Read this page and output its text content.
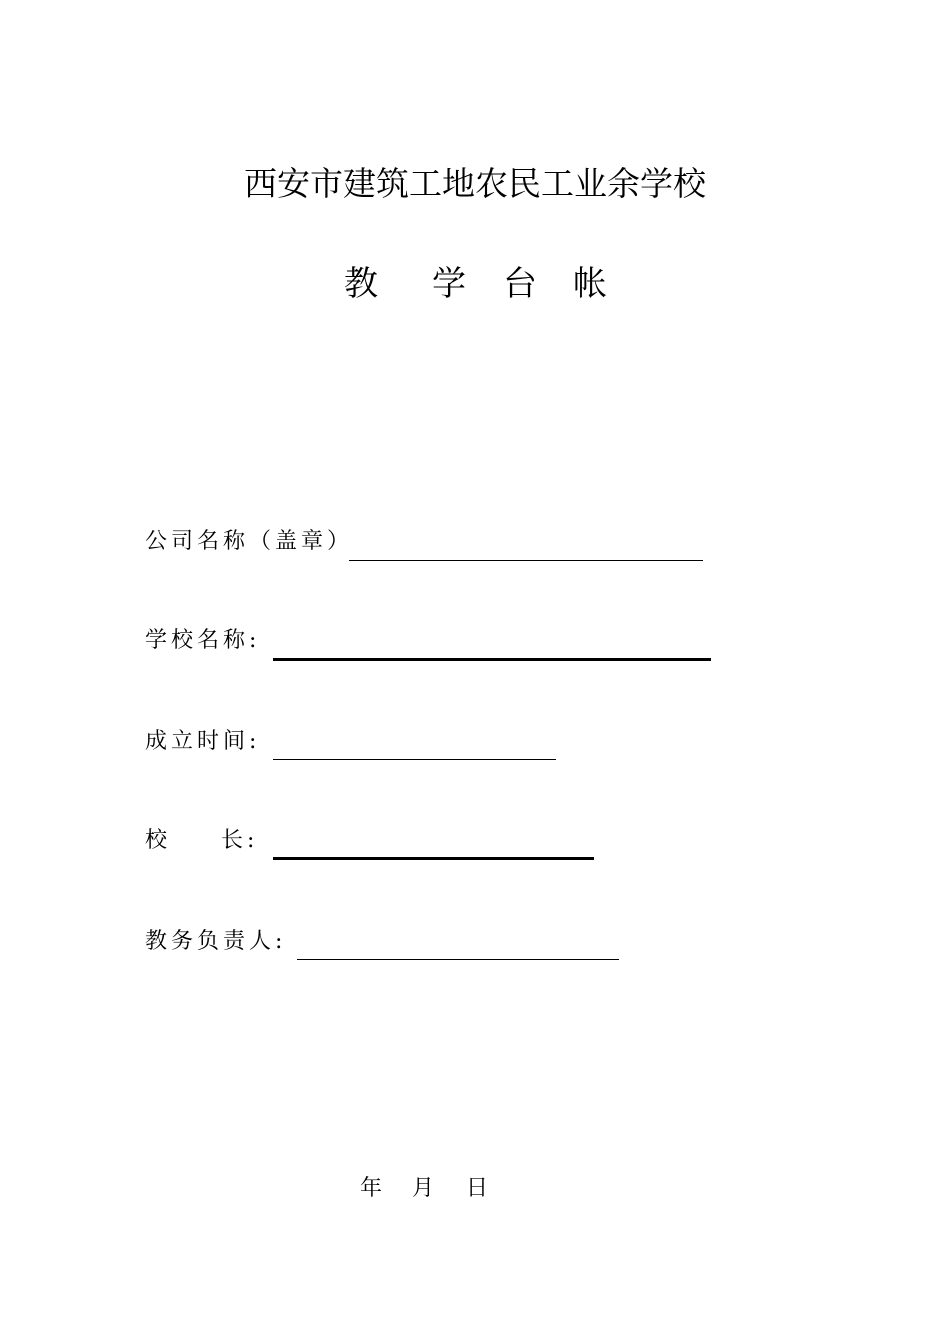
西安市建筑工地农民工业余学校
教 学 台 帐
公司名称（盖章）
学校名称:
成立时间:
校 长:
教务负责人:
年 月 日
